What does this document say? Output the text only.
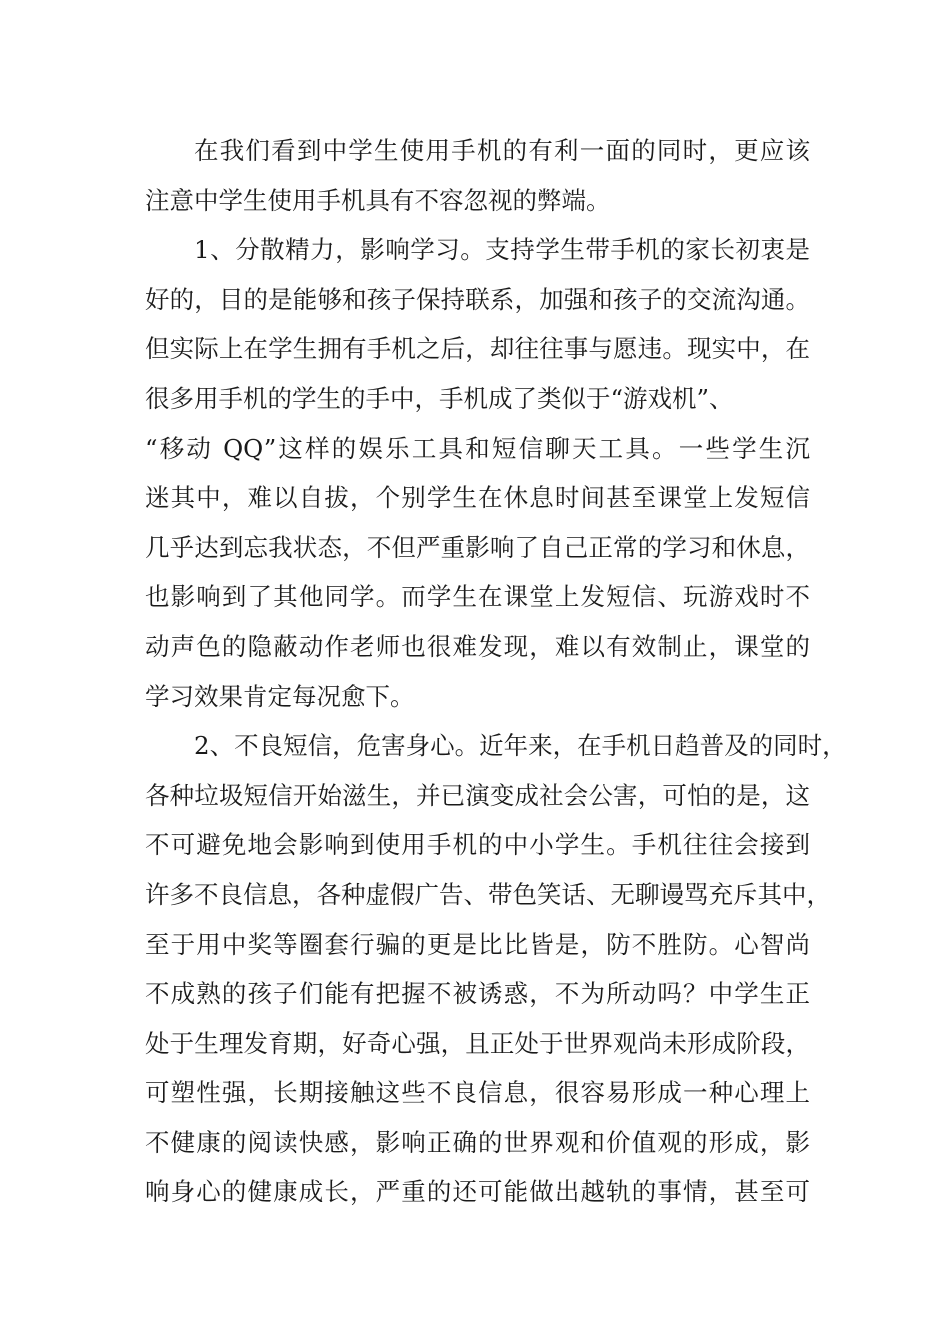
在我们看到中学生使用手机的有利一面的同时，更应该
注意中学生使用手机具有不容忽视的弊端。

1、分散精力，影响学习。支持学生带手机的家长初衷是
好的，目的是能够和孩子保持联系，加强和孩子的交流沟通。
但实际上在学生拥有手机之后，却往往事与愿违。现实中，在
很多用手机的学生的手中，手机成了类似于“游戏机”、
“移动 QQ”这样的娱乐工具和短信聊天工具。一些学生沉
迷其中，难以自拔，个别学生在休息时间甚至课堂上发短信
几乎达到忘我状态，不但严重影响了自己正常的学习和休息，
也影响到了其他同学。而学生在课堂上发短信、玩游戏时不
动声色的隐蔽动作老师也很难发现，难以有效制止，课堂的
学习效果肯定每况愈下。

2、不良短信，危害身心。近年来，在手机日趋普及的同时，
各种垃圾短信开始滋生，并已演变成社会公害，可怕的是，这
不可避免地会影响到使用手机的中小学生。手机往往会接到
许多不良信息，各种虚假广告、带色笑话、无聊谩骂充斥其中，
至于用中奖等圈套行骗的更是比比皆是，防不胜防。心智尚
不成熟的孩子们能有把握不被诱惑，不为所动吗？中学生正
处于生理发育期，好奇心强，且正处于世界观尚未形成阶段，
可塑性强，长期接触这些不良信息，很容易形成一种心理上
不健康的阅读快感，影响正确的世界观和价值观的形成，影
响身心的健康成长，严重的还可能做出越轨的事情，甚至可
